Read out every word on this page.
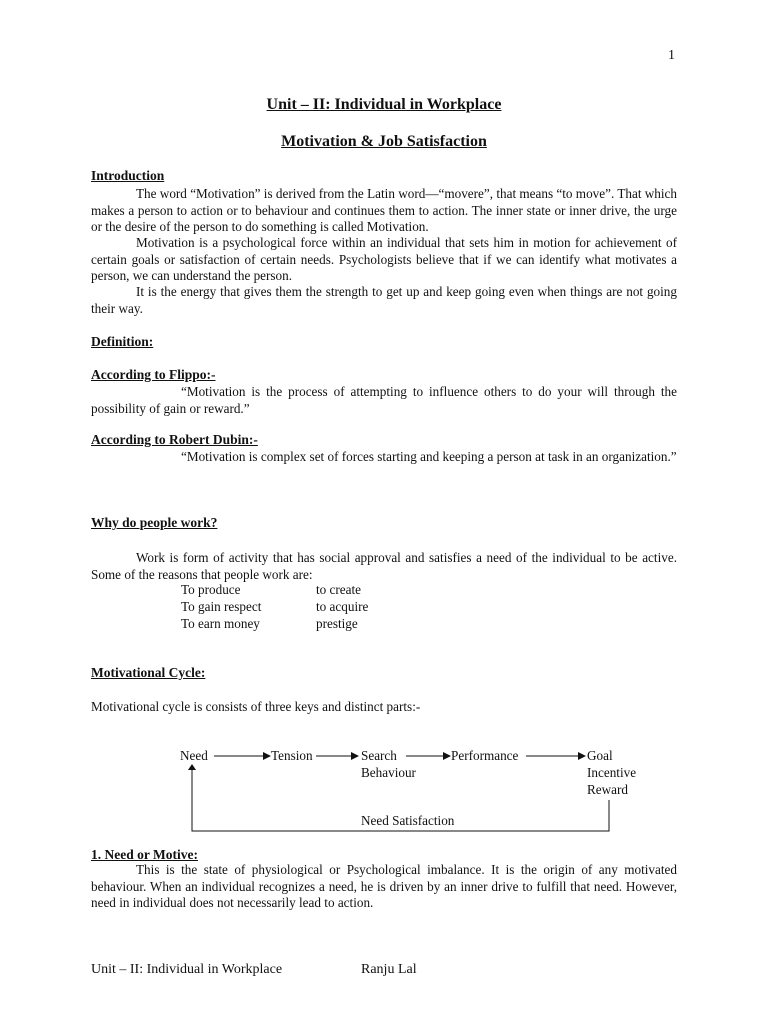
1
Unit – II: Individual in Workplace
Motivation & Job Satisfaction
Introduction

The word “Motivation” is derived from the Latin word—“movere”, that means “to move”. That which makes a person to action or to behaviour and continues them to action. The inner state or inner drive, the urge or the desire of the person to do something is called Motivation.

Motivation is a psychological force within an individual that sets him in motion for achievement of certain goals or satisfaction of certain needs. Psychologists believe that if we can identify what motivates a person, we can understand the person.

It is the energy that gives them the strength to get up and keep going even when things are not going their way.

Definition:
According to Flippo:-

“Motivation is the process of attempting to influence others to do your will through the possibility of gain or reward.”

According to Robert Dubin:-

“Motivation is complex set of forces starting and keeping a person at task in an organization.”

Why do people work?

Work is form of activity that has social approval and satisfies a need of the individual to be active. Some of the reasons that people work are:

To produce	to create
To gain respect	to acquire
To earn money	prestige
Motivational Cycle:
Motivational cycle is consists of three keys and distinct parts:-
Need	Tension	Search
Behaviour
Performance	Goal
Incentive
Reward
Need Satisfaction
1. Need or Motive:

This is the state of physiological or Psychological imbalance. It is the origin of any motivated behaviour. When an individual recognizes a need, he is driven by an inner drive to fulfill that need. However, need in individual does not necessarily lead to action.

Unit – II: Individual in Workplace	Ranju Lal
